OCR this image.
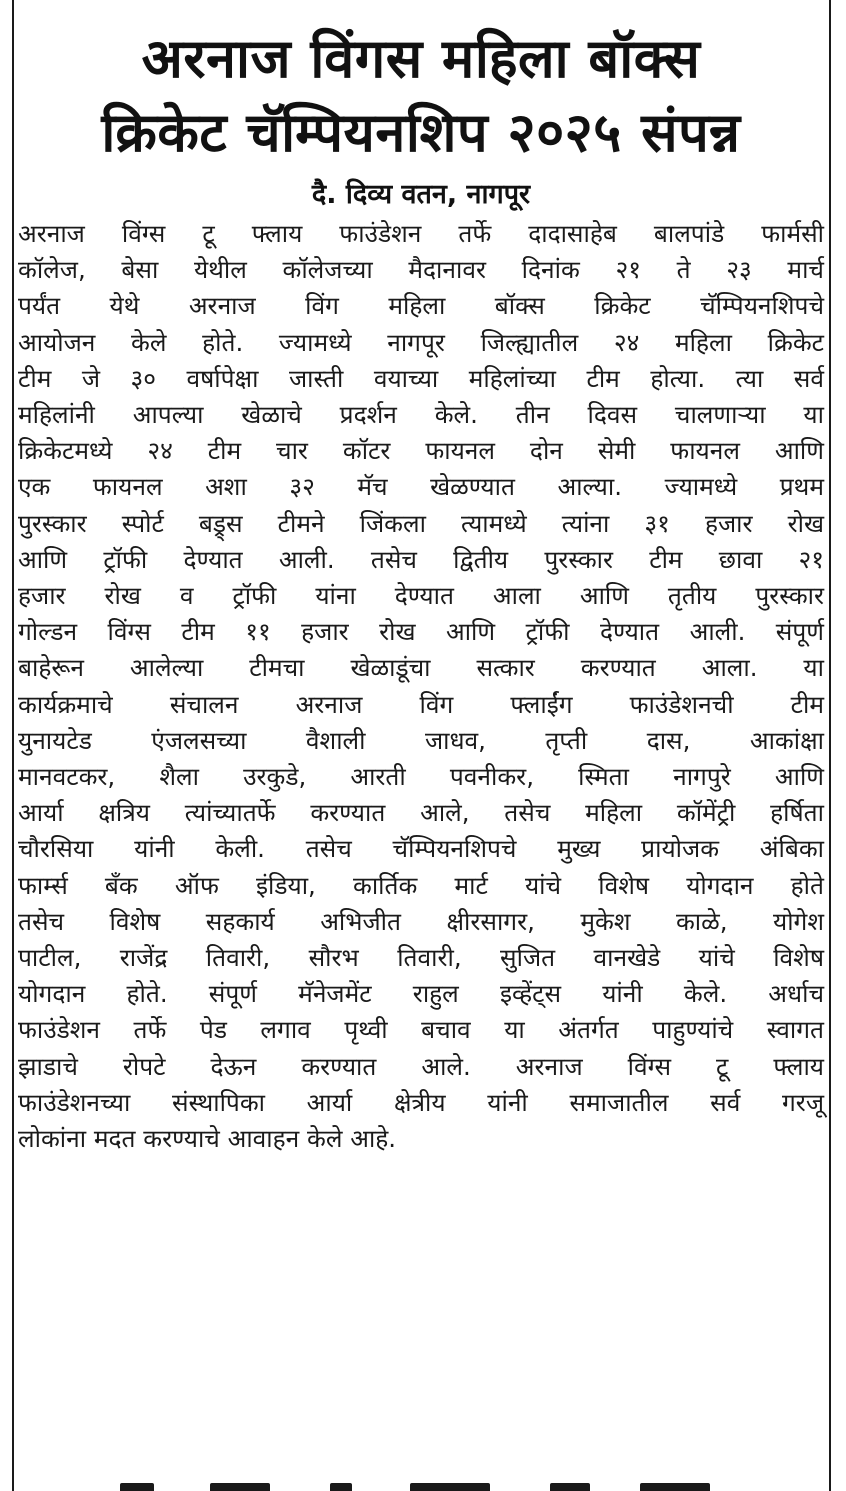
अरनाज विंगस महिला बॉक्स
क्रिकेट चॅम्पियनशिप २०२५ संपन्न
दै. दिव्य वतन, नागपूर
अरनाज विंग्स टू फ्लाय फाउंडेशन तर्फे दादासाहेब बालपांडे फार्मसी
कॉलेज, बेसा येथील कॉलेजच्या मैदानावर दिनांक २१ ते २३ मार्च
पर्यंत येथे अरनाज विंग महिला बॉक्स क्रिकेट चॅम्पियनशिपचे
आयोजन केले होते. ज्यामध्ये नागपूर जिल्ह्यातील २४ महिला क्रिकेट
टीम जे ३० वर्षापेक्षा जास्ती वयाच्या महिलांच्या टीम होत्या. त्या सर्व
महिलांनी आपल्या खेळाचे प्रदर्शन केले. तीन दिवस चालणाऱ्या या
क्रिकेटमध्ये २४ टीम चार कॉटर फायनल दोन सेमी फायनल आणि
एक फायनल अशा ३२ मॅच खेळण्यात आल्या. ज्यामध्ये प्रथम
पुरस्कार स्पोर्ट बड्र्स टीमने जिंकला त्यामध्ये त्यांना ३१ हजार रोख
आणि ट्रॉफी देण्यात आली. तसेच द्वितीय पुरस्कार टीम छावा २१
हजार रोख व ट्रॉफी यांना देण्यात आला आणि तृतीय पुरस्कार
गोल्डन विंग्स टीम ११ हजार रोख आणि ट्रॉफी देण्यात आली. संपूर्ण
बाहेरून आलेल्या टीमचा खेळाडूंचा सत्कार करण्यात आला. या
कार्यक्रमाचे संचालन अरनाज विंग फ्लाईंग फाउंडेशनची टीम
युनायटेड एंजलसच्या वैशाली जाधव, तृप्ती दास, आकांक्षा
मानवटकर, शैला उरकुडे, आरती पवनीकर, स्मिता नागपुरे आणि
आर्या क्षत्रिय त्यांच्यातर्फे करण्यात आले, तसेच महिला कॉमेंट्री हर्षिता
चौरसिया यांनी केली. तसेच चॅम्पियनशिपचे मुख्य प्रायोजक अंबिका
फार्म्स बँक ऑफ इंडिया, कार्तिक मार्ट यांचे विशेष योगदान होते
तसेच विशेष सहकार्य अभिजीत क्षीरसागर, मुकेश काळे, योगेश
पाटील, राजेंद्र तिवारी, सौरभ तिवारी, सुजित वानखेडे यांचे विशेष
योगदान होते. संपूर्ण मॅनेजमेंट राहुल इव्हेंट्स यांनी केले. अर्धाच
फाउंडेशन तर्फे पेड लगाव पृथ्वी बचाव या अंतर्गत पाहुण्यांचे स्वागत
झाडाचे रोपटे देऊन करण्यात आले. अरनाज विंग्स टू फ्लाय
फाउंडेशनच्या संस्थापिका आर्या क्षेत्रीय यांनी समाजातील सर्व गरजू
लोकांना मदत करण्याचे आवाहन केले आहे.
